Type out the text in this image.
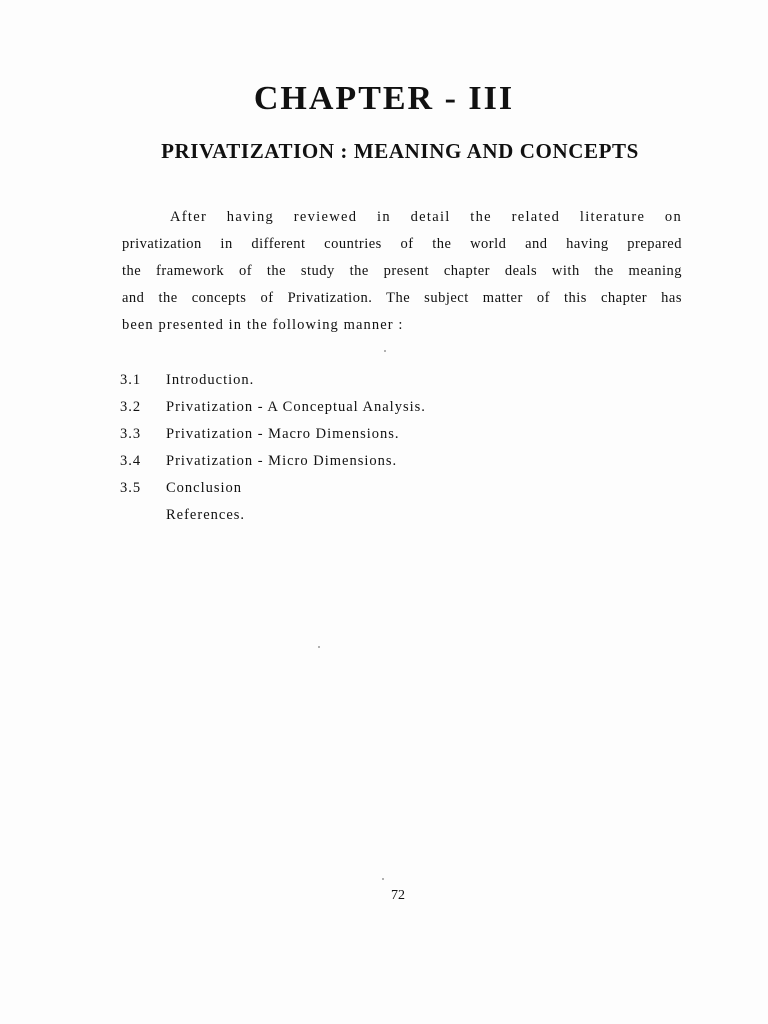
CHAPTER - III
PRIVATIZATION : MEANING AND CONCEPTS
After having reviewed in detail the related literature on
privatization in different countries of the world and having prepared
the framework of the study the present chapter deals with the meaning
and the concepts of Privatization. The subject matter of this chapter has
been presented in the following manner :
3.1	Introduction.
3.2	Privatization - A Conceptual Analysis.
3.3	Privatization - Macro Dimensions.
3.4	Privatization - Micro Dimensions.
3.5	Conclusion
References.
72
